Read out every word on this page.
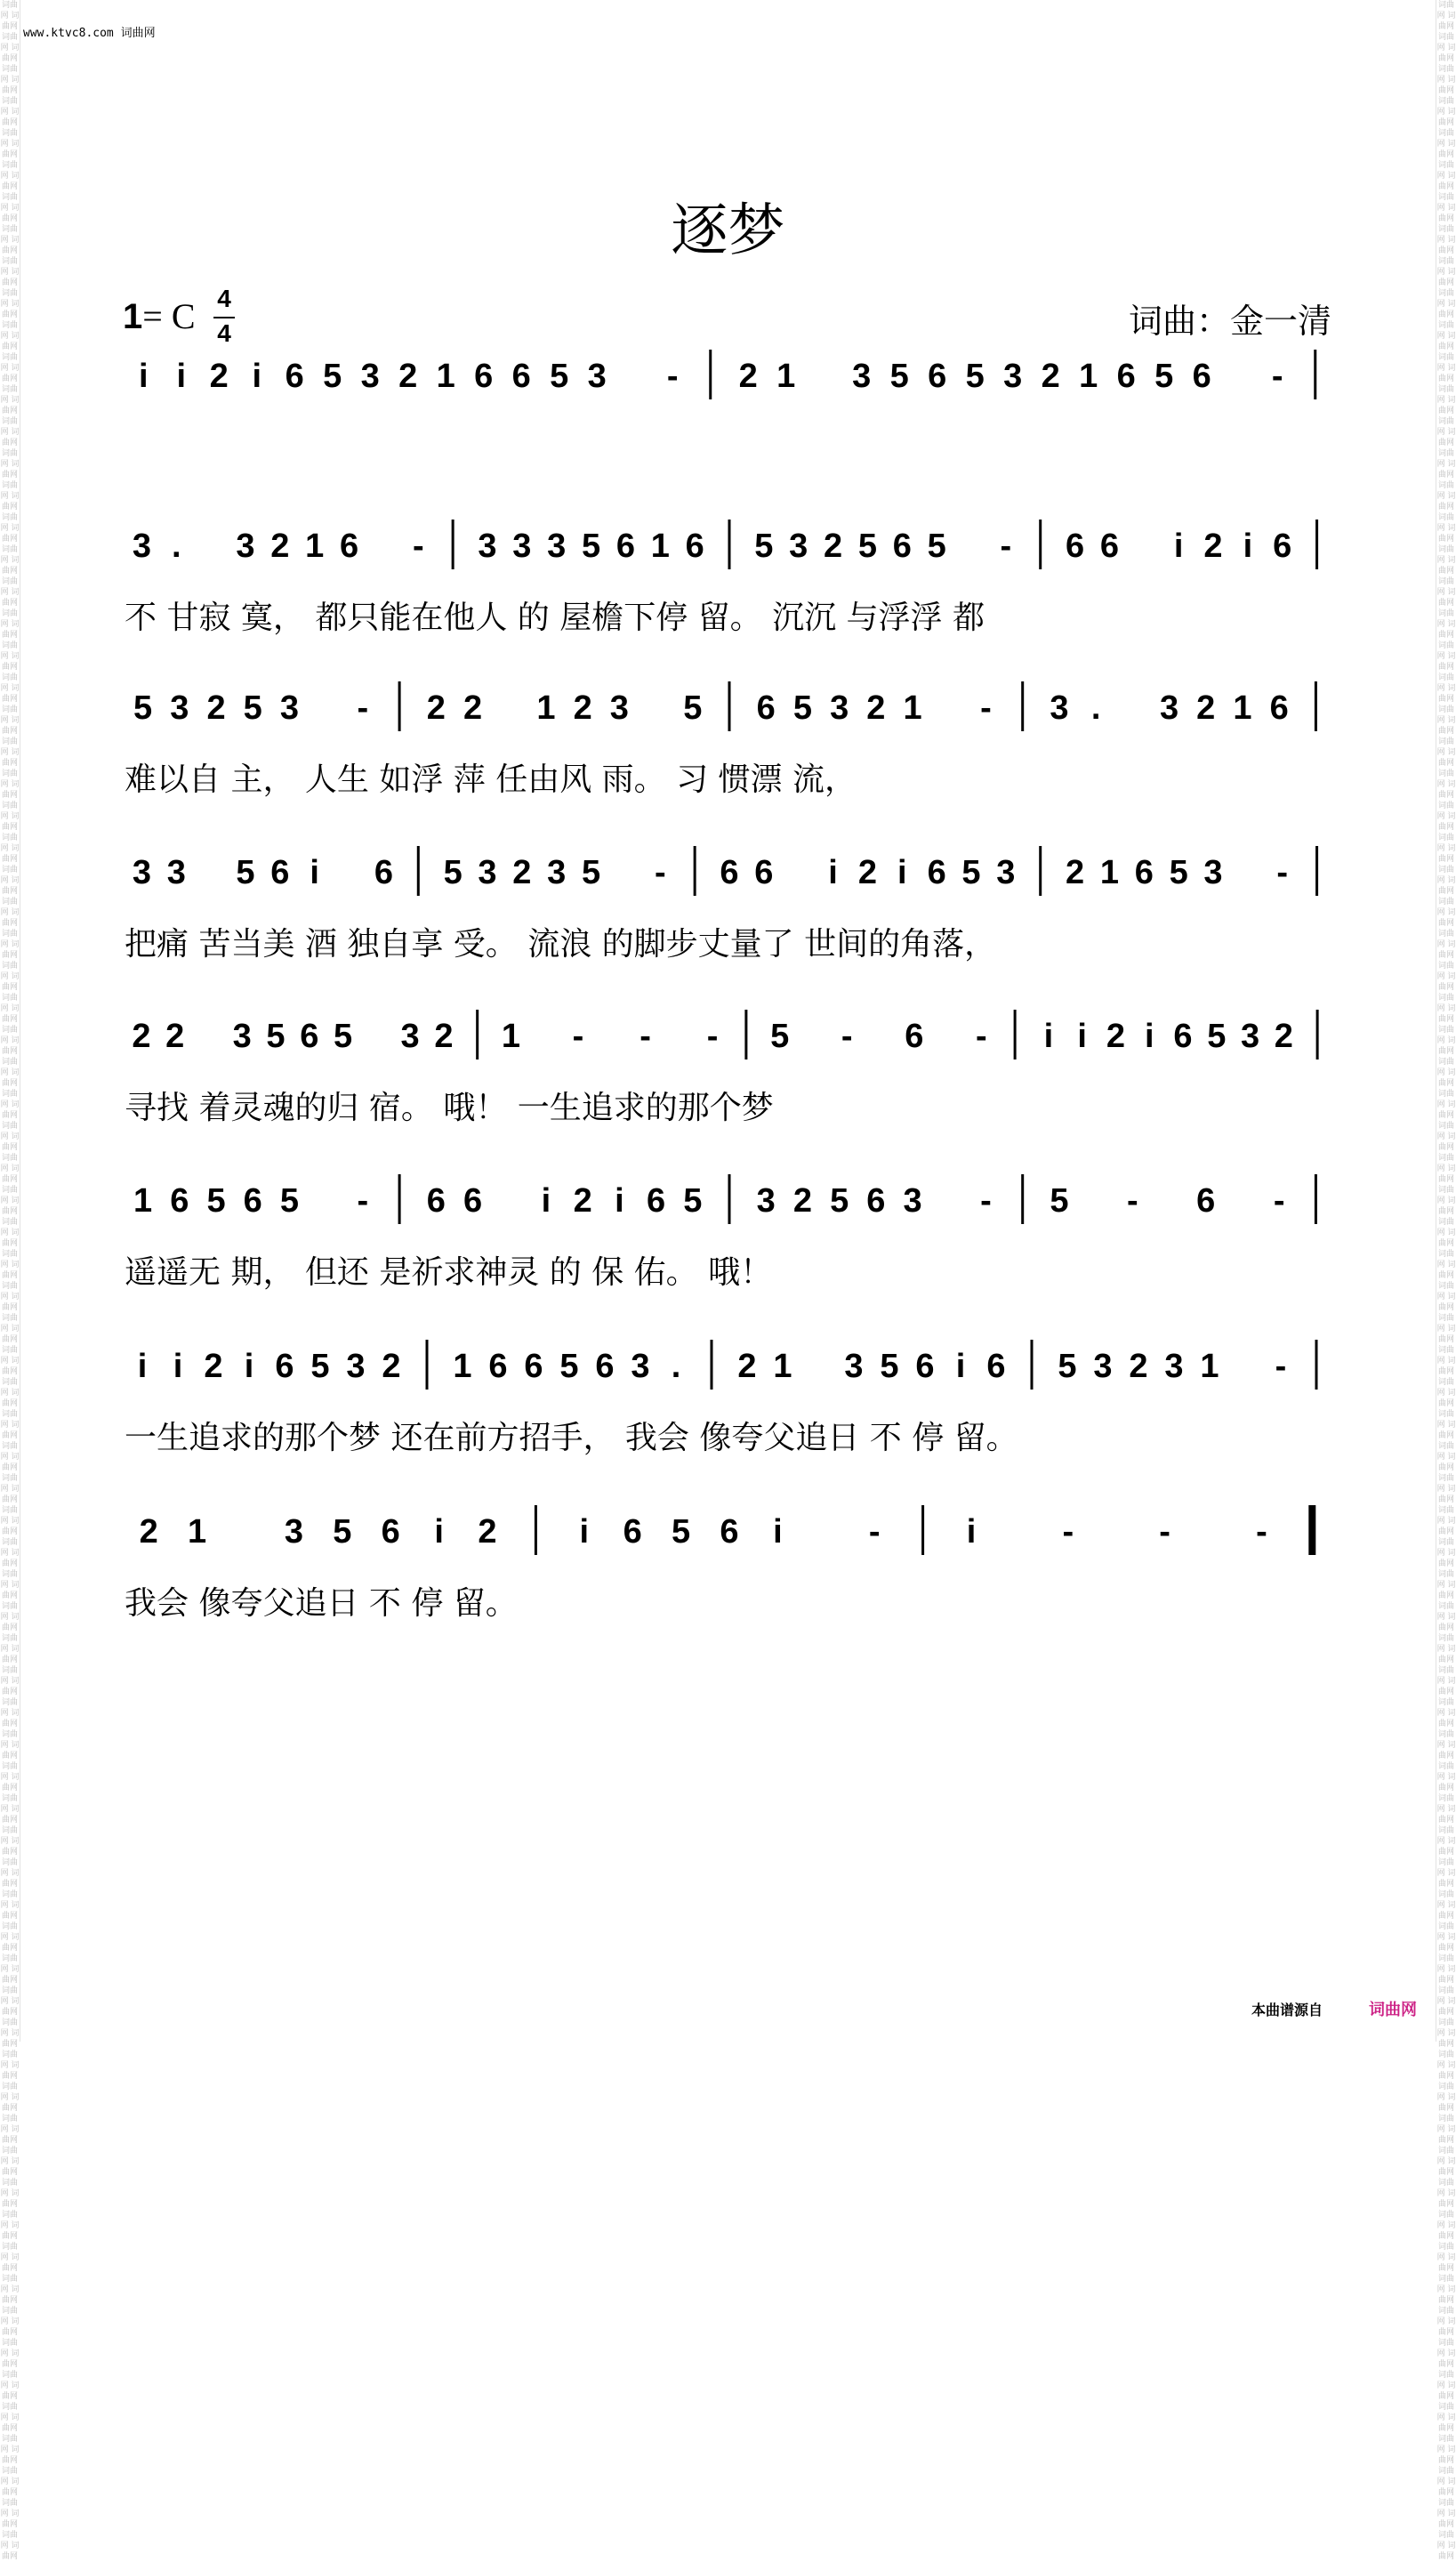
词曲网 词曲网 词曲网 词曲网 词曲网 词曲网 词曲网 词曲网 词曲网 词曲网 词曲网 词曲网 词曲网 词曲网 词曲网 词曲网 词曲网 词曲网 词曲网 词曲网 词曲网 词曲网 词曲网 词曲网 词曲网 词曲网 词曲网 词曲网 词曲网 词曲网 词曲网 词曲网 词曲网 词曲网 词曲网 词曲网 词曲网 词曲网 词曲网 词曲网 词曲网 词曲网 词曲网 词曲网 词曲网 词曲网 词曲网 词曲网 词曲网 词曲网 词曲网 词曲网 词曲网 词曲网 词曲网 词曲网 词曲网 词曲网 词曲网 词曲网 词曲网 词曲网 词曲网 词曲网 词曲网 词曲网 词曲网 词曲网 词曲网 词曲网 词曲网 词曲网 词曲网 词曲网 词曲网 词曲网 词曲网 词曲网 词曲网 词曲网 词曲网 词曲网 词曲网 词曲网 词曲网 词曲网 词曲网 词曲网 词曲网 词曲网 词曲网 词曲网 词曲网 词曲网 词曲网 词曲网 词曲网 词曲网 词曲网 词曲网 词曲网 词曲网 词曲网 词曲网 词曲网 词曲网 词曲网 词曲网 词曲网 词曲网 词曲网 词曲网 词曲网 词曲网 词曲网 词曲网 词曲网 词曲网 词曲网 词曲网 词曲网 词曲网 词曲网 词曲网 词曲网 词曲网 词曲网 词曲网 词曲网 词曲网 词曲网 词曲网 词曲网 词曲网 词曲网 词曲网 词曲网 词曲网 词曲网 词曲网 词曲网 词曲网 词曲网 词曲网 词曲网 词曲网 词曲网 词曲网 词曲网 词曲网 词曲网 词曲网 词曲网 词曲网 词曲网 词曲网 词曲网 词曲网 词曲网 词曲网
词曲网 词曲网 词曲网 词曲网 词曲网 词曲网 词曲网 词曲网 词曲网 词曲网 词曲网 词曲网 词曲网 词曲网 词曲网 词曲网 词曲网 词曲网 词曲网 词曲网 词曲网 词曲网 词曲网 词曲网 词曲网 词曲网 词曲网 词曲网 词曲网 词曲网 词曲网 词曲网 词曲网 词曲网 词曲网 词曲网 词曲网 词曲网 词曲网 词曲网 词曲网 词曲网 词曲网 词曲网 词曲网 词曲网 词曲网 词曲网 词曲网 词曲网 词曲网 词曲网 词曲网 词曲网 词曲网 词曲网 词曲网 词曲网 词曲网 词曲网 词曲网 词曲网 词曲网 词曲网 词曲网 词曲网 词曲网 词曲网 词曲网 词曲网 词曲网 词曲网 词曲网 词曲网 词曲网 词曲网 词曲网 词曲网 词曲网 词曲网 词曲网 词曲网 词曲网 词曲网 词曲网 词曲网 词曲网 词曲网 词曲网 词曲网 词曲网 词曲网 词曲网 词曲网 词曲网 词曲网 词曲网 词曲网 词曲网 词曲网 词曲网 词曲网 词曲网 词曲网 词曲网 词曲网 词曲网 词曲网 词曲网 词曲网 词曲网 词曲网 词曲网 词曲网 词曲网 词曲网 词曲网 词曲网 词曲网 词曲网 词曲网 词曲网 词曲网 词曲网 词曲网 词曲网 词曲网 词曲网 词曲网 词曲网 词曲网 词曲网 词曲网 词曲网 词曲网 词曲网 词曲网 词曲网 词曲网 词曲网 词曲网 词曲网 词曲网 词曲网 词曲网 词曲网 词曲网 词曲网 词曲网 词曲网 词曲网 词曲网 词曲网 词曲网 词曲网 词曲网 词曲网 词曲网 词曲网 词曲网
www.ktvc8.com 词曲网
逐梦
1= C 4
4	词曲：金一清
i i 2 i 6 5 3 2 1 6 6 5 3 - 2 1 3 5 6 5 3 2 1 6 5 6 -
3 . 3 2 1 6 - 3 3 3 5 6 1 6 5 3 2 5 6 5 - 6 6 i 2 i 6
不 甘寂 寞， 都只能在他人 的 屋檐下停 留。 沉沉 与浮浮 都
5 3 2 5 3 - 2 2 1 2 3 5 6 5 3 2 1 - 3 . 3 2 1 6
难以自 主， 人生 如浮 萍 任由风 雨。 习 惯漂 流，
3 3 5 6 i 6 5 3 2 3 5 - 6 6 i 2 i 6 5 3 2 1 6 5 3 -
把痛 苦当美 酒 独自享 受。 流浪 的脚步丈量了 世间的角落，
2 2 3 5 6 5 3 2 1 - - - 5 - 6 - i i 2 i 6 5 3 2
寻找 着灵魂的归 宿。 哦！ 一生追求的那个梦
1 6 5 6 5 - 6 6 i 2 i 6 5 3 2 5 6 3 - 5 - 6 -
遥遥无 期， 但还 是祈求神灵 的 保 佑。 哦！
i i 2 i 6 5 3 2 1 6 6 5 6 3 . 2 1 3 5 6 i 6 5 3 2 3 1 -
一生追求的那个梦 还在前方招手， 我会 像夸父追日 不 停 留。
2 1 3 5 6 i 2 i 6 5 6 i	-	i	-	-	-
我会 像夸父追日 不 停 留。
本曲谱源自	词曲网
